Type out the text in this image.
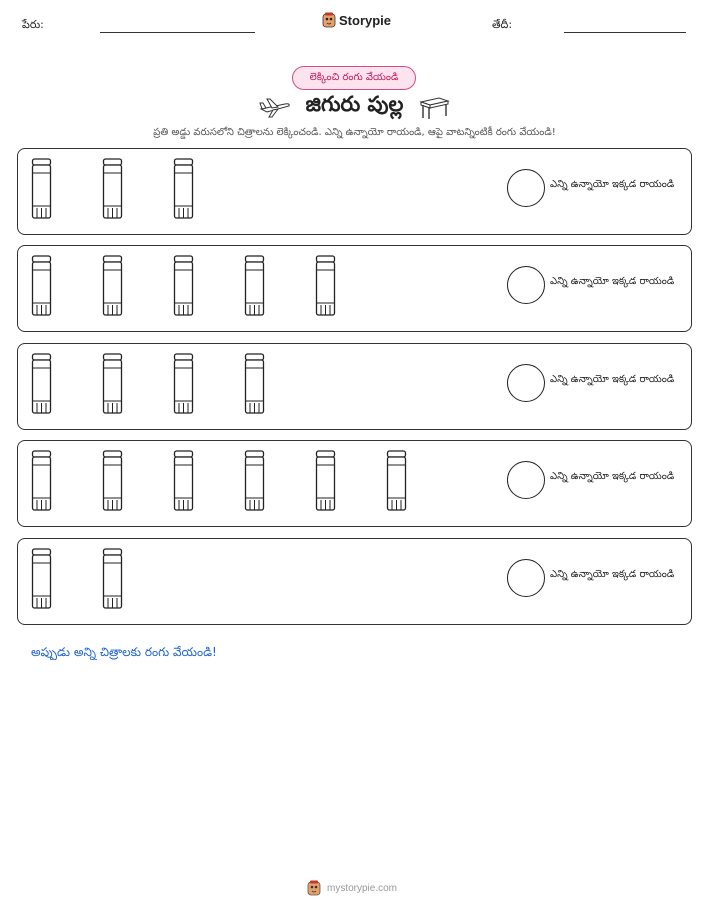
పేరు:	Storypie	తేదీ:
లెక్కించి రంగు వేయండి
జిగురు పుల్ల
ప్రతి అడ్డు వరుసలోని చిత్రాలను లెక్కించండి. ఎన్ని ఉన్నాయో రాయండి, ఆపై వాటన్నింటికీ రంగు వేయండి!
ఎన్ని ఉన్నాయో ఇక్కడ రాయండి
ఎన్ని ఉన్నాయో ఇక్కడ రాయండి
ఎన్ని ఉన్నాయో ఇక్కడ రాయండి
ఎన్ని ఉన్నాయో ఇక్కడ రాయండి
ఎన్ని ఉన్నాయో ఇక్కడ రాయండి
అప్పుడు అన్ని చిత్రాలకు రంగు వేయండి!
mystorypie.com
